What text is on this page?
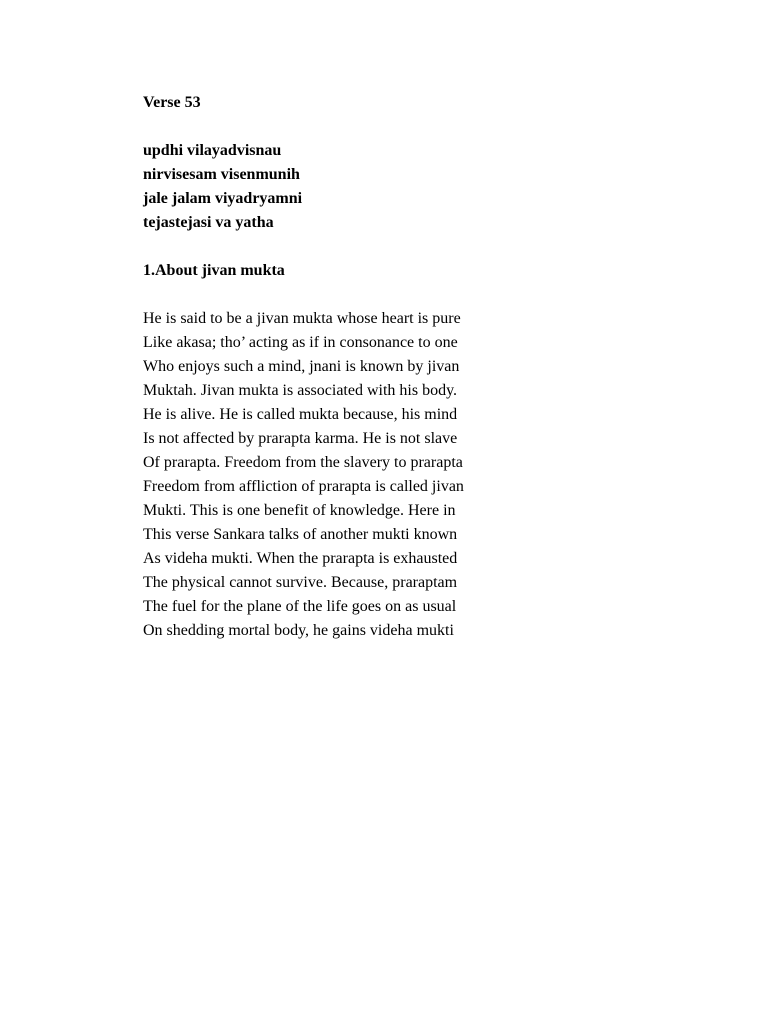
Verse 53
updhi vilayadvisnau
nirvisesam visenmunih
jale jalam viyadryamni
tejastejasi va yatha
1.About jivan mukta
He is said to be a jivan mukta whose heart is pure
Like akasa; tho’ acting as if in consonance to one
Who enjoys such a mind, jnani is known by jivan
Muktah. Jivan mukta is associated with his body.
He is alive. He is called mukta because, his mind
Is not affected by prarapta karma. He is not slave
Of prarapta. Freedom from the slavery to prarapta
Freedom from affliction of prarapta is called jivan
Mukti. This is one benefit of knowledge. Here in
This verse Sankara talks of another mukti known
As videha mukti. When the prarapta is exhausted
The physical cannot survive. Because, praraptam
The fuel for the plane of the life goes on as usual
On shedding mortal body, he gains videha mukti
